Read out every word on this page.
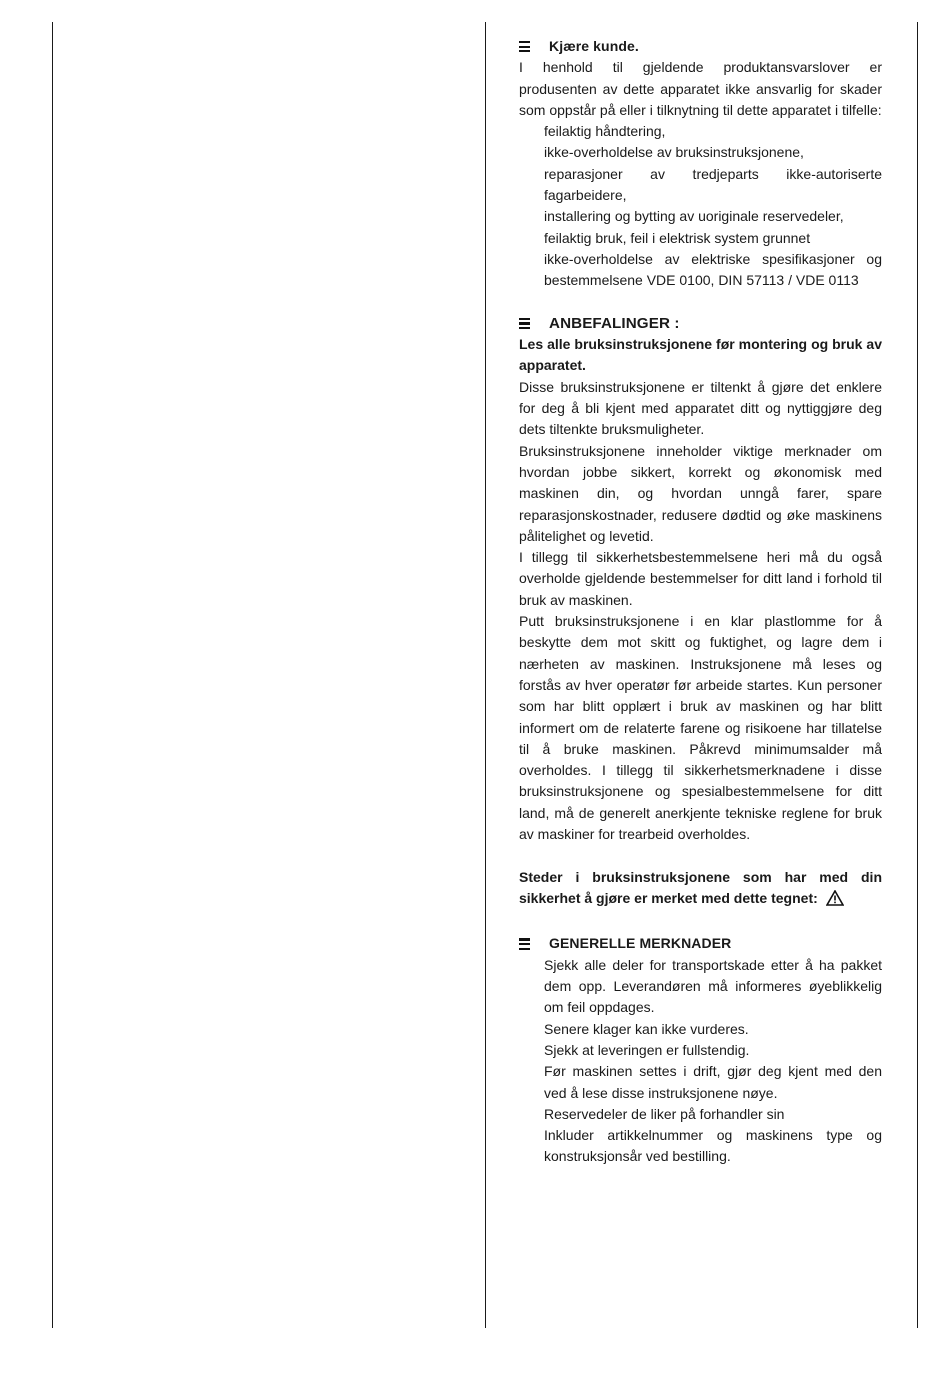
Kjære kunde.

I henhold til gjeldende produktansvarslover er produsenten av dette apparatet ikke ansvarlig for skader som oppstår på eller i tilknytning til dette apparatet i tilfelle:

feilaktig håndtering,
ikke-overholdelse av bruksinstruksjonene,
reparasjoner av tredjeparts ikke-autoriserte fagarbeidere,
installering og bytting av uoriginale reservedeler,
feilaktig bruk, feil i elektrisk system grunnet
ikke-overholdelse av elektriske spesifikasjoner og bestemmelsene VDE 0100, DIN 57113 / VDE 0113
ANBEFALINGER :

Les alle bruksinstruksjonene før montering og bruk av apparatet.

Disse bruksinstruksjonene er tiltenkt å gjøre det enklere for deg å bli kjent med apparatet ditt og nyttiggjøre deg dets tiltenkte bruksmuligheter.

Bruksinstruksjonene inneholder viktige merknader om hvordan jobbe sikkert, korrekt og økonomisk med maskinen din, og hvordan unngå farer, spare reparasjonskostnader, redusere dødtid og øke maskinens pålitelighet og levetid.

I tillegg til sikkerhetsbestemmelsene heri må du også overholde gjeldende bestemmelser for ditt land i forhold til bruk av maskinen.

Putt bruksinstruksjonene i en klar plastlomme for å beskytte dem mot skitt og fuktighet, og lagre dem i nærheten av maskinen. Instruksjonene må leses og forstås av hver operatør før arbeide startes. Kun personer som har blitt opplært i bruk av maskinen og har blitt informert om de relaterte farene og risikoene har tillatelse til å bruke maskinen. Påkrevd minimumsalder må overholdes. I tillegg til sikkerhetsmerknadene i disse bruksinstruksjonene og spesialbestemmelsene for ditt land, må de generelt anerkjente tekniske reglene for bruk av maskiner for trearbeid overholdes.

Steder i bruksinstruksjonene som har med din sikkerhet å gjøre er merket med dette tegnet:

GENERELLE MERKNADER
Sjekk alle deler for transportskade etter å ha pakket dem opp. Leverandøren må informeres øyeblikkelig om feil oppdages.
Senere klager kan ikke vurderes.
Sjekk at leveringen er fullstendig.
Før maskinen settes i drift, gjør deg kjent med den ved å lese disse instruksjonene nøye.
Reservedeler de liker på forhandler sin
Inkluder artikkelnummer og maskinens type og konstruksjonsår ved bestilling.
